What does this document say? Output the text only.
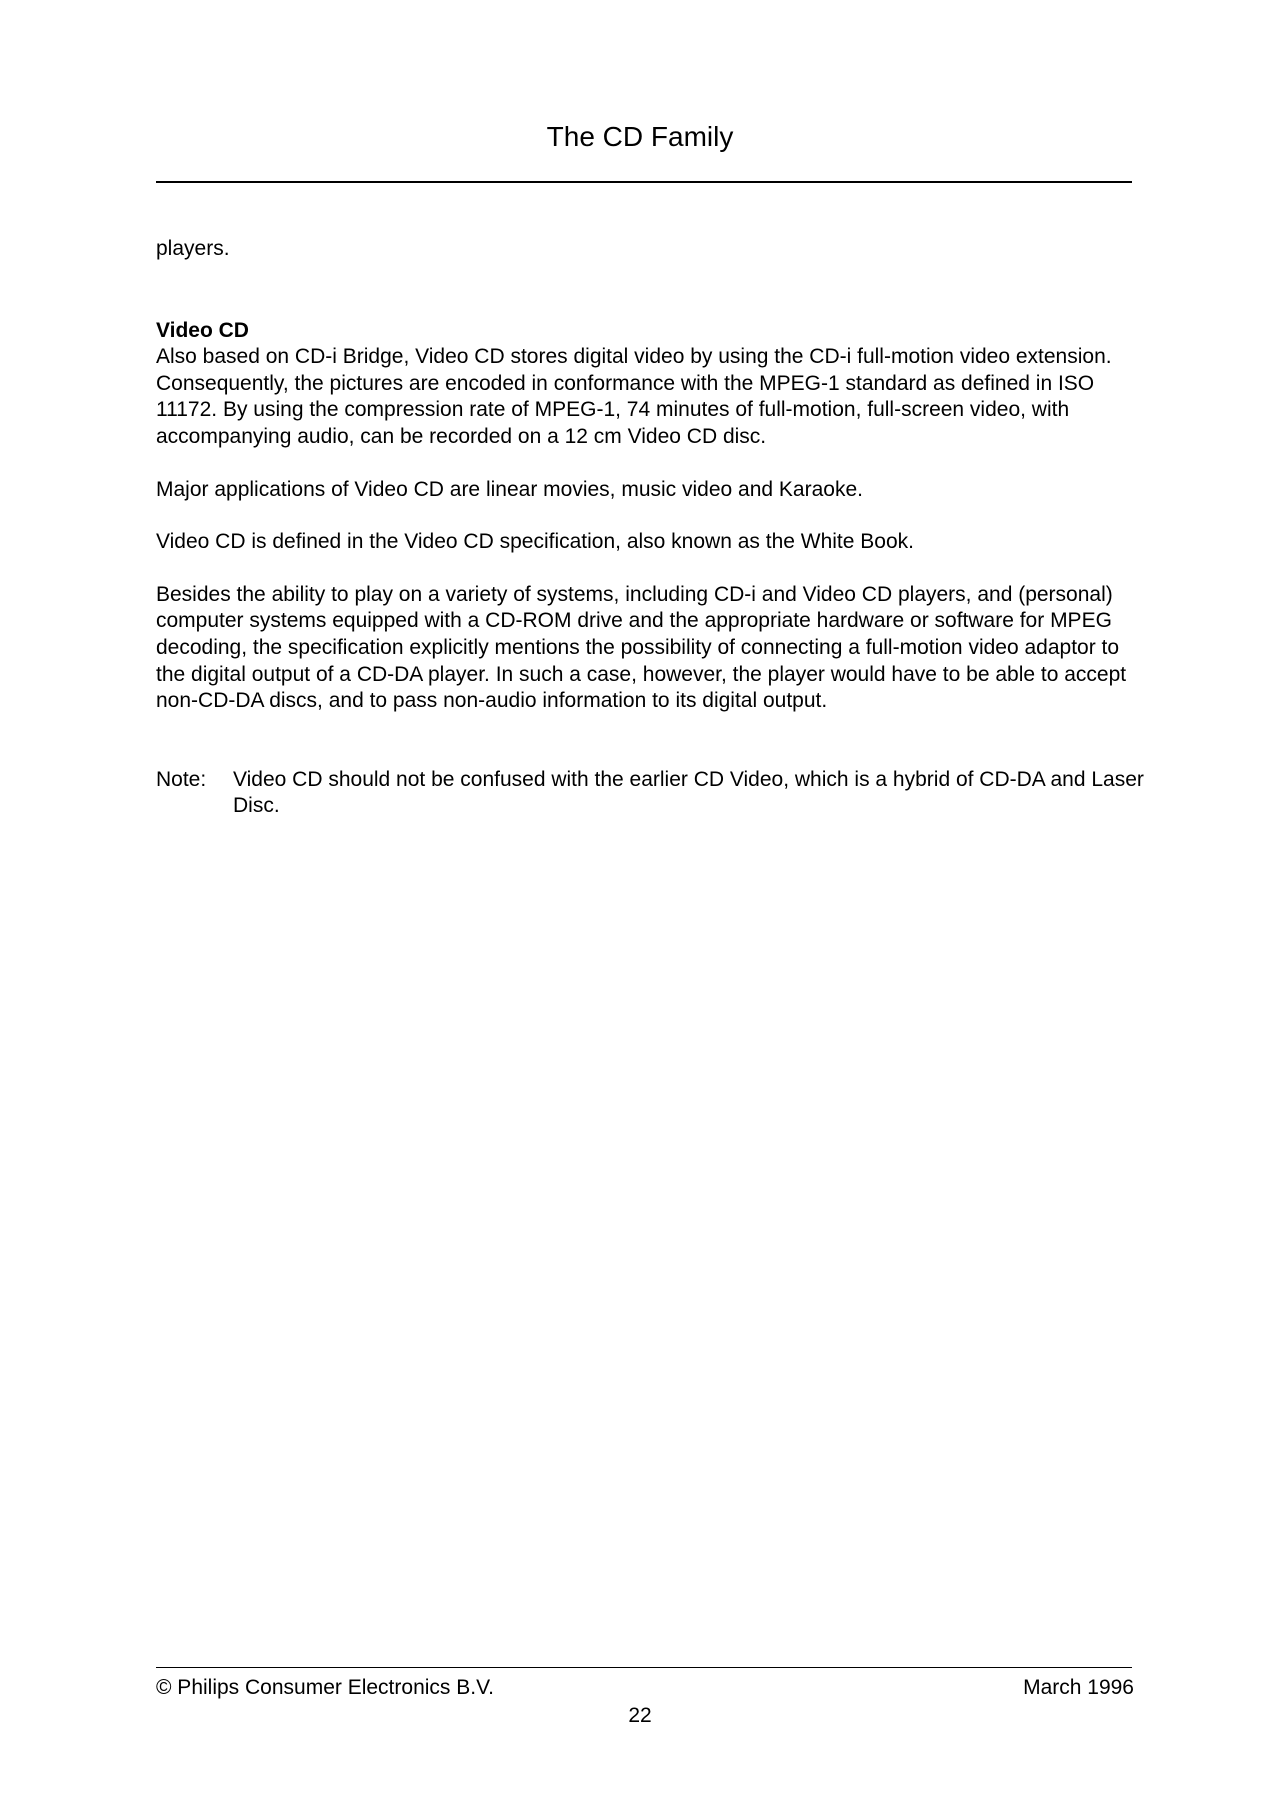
The CD Family

players.

Video CD

Also based on CD-i Bridge, Video CD stores digital video by using the CD-i full-motion video extension. Consequently, the pictures are encoded in conformance with the MPEG-1 standard as defined in ISO 11172. By using the compression rate of MPEG-1, 74 minutes of full-motion, full-screen video, with accompanying audio, can be recorded on a 12 cm Video CD disc.

Major applications of Video CD are linear movies, music video and Karaoke.

Video CD is defined in the Video CD specification, also known as the White Book.

Besides the ability to play on a variety of systems, including CD-i and Video CD players, and (personal) computer systems equipped with a CD-ROM drive and the appropriate hardware or software for MPEG decoding, the specification explicitly mentions the possibility of connecting a full-motion video adaptor to the digital output of a CD-DA player. In such a case, however, the player would have to be able to accept non-CD-DA discs, and to pass non-audio information to its digital output.

Note:	Video CD should not be confused with the earlier CD Video, which is a hybrid of CD-DA and Laser Disc.
© Philips Consumer Electronics B.V.	March 1996
22
